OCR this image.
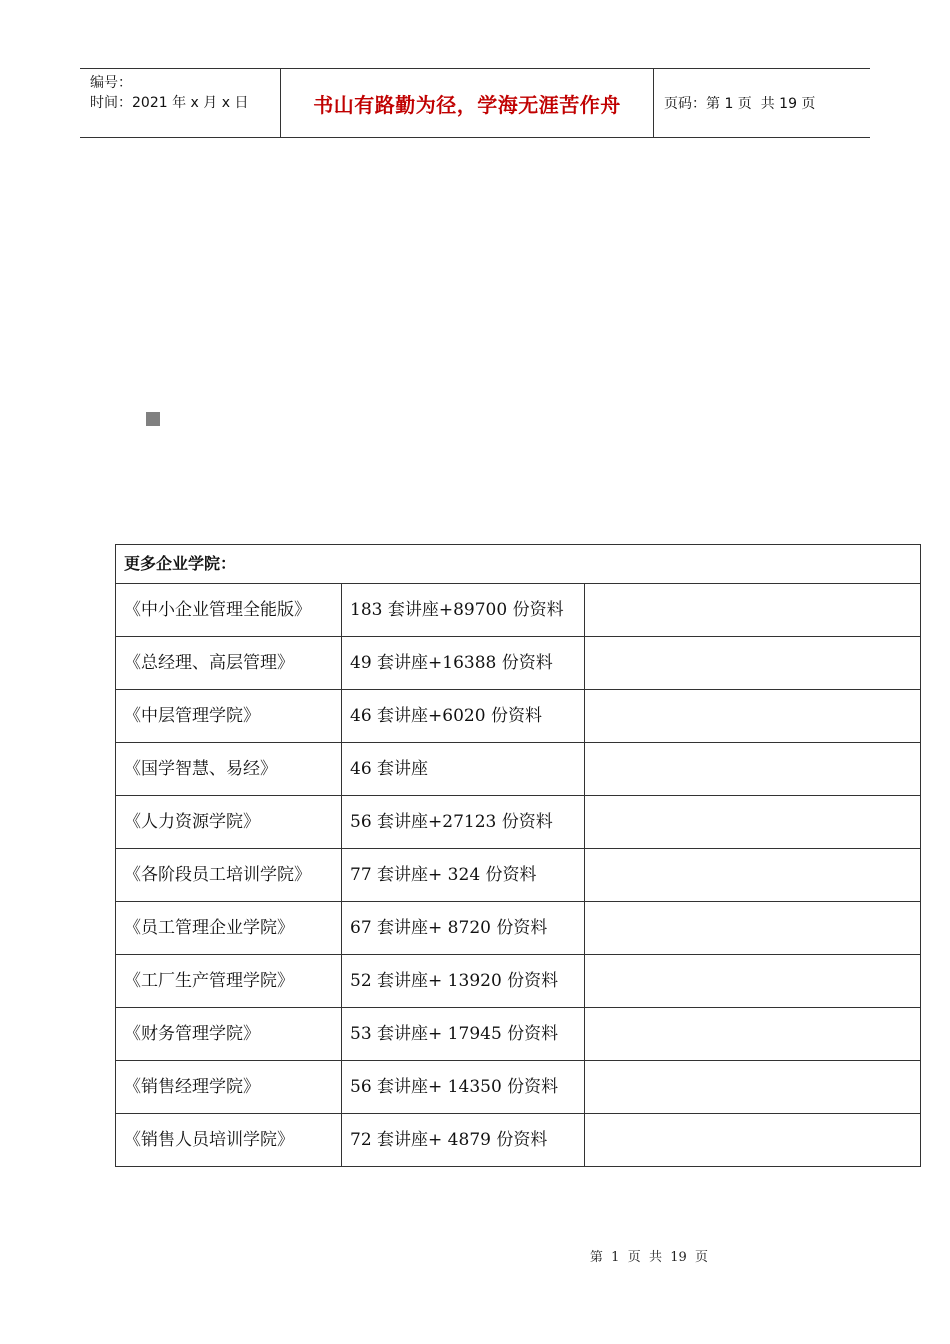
编号：
时间：2021 年 x 月 x 日	书山有路勤为径，学海无涯苦作舟	页码：第 1 页  共 19 页
更多企业学院：		
《中小企业管理全能版》	183 套讲座+89700 份资料	
《总经理、高层管理》	49 套讲座+16388 份资料	
《中层管理学院》	46 套讲座+6020 份资料	
《国学智慧、易经》	46 套讲座	
《人力资源学院》	56 套讲座+27123 份资料	
《各阶段员工培训学院》	77 套讲座+ 324 份资料	
《员工管理企业学院》	67 套讲座+ 8720 份资料	
《工厂生产管理学院》	52 套讲座+ 13920 份资料	
《财务管理学院》	53 套讲座+ 17945 份资料	
《销售经理学院》	56 套讲座+ 14350 份资料	
《销售人员培训学院》	72 套讲座+ 4879 份资料	
第  1  页  共  19  页
